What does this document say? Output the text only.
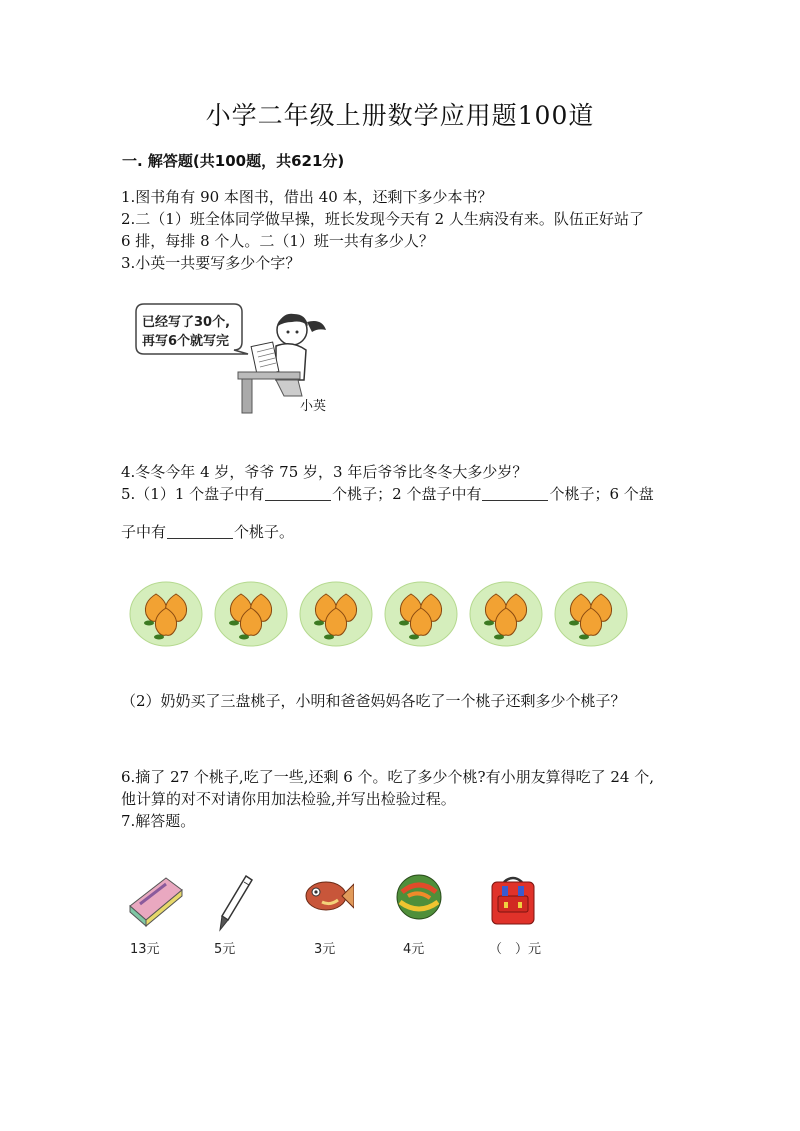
小学二年级上册数学应用题100道
一. 解答题(共100题，共621分)
1.图书角有 90 本图书，借出 40 本，还剩下多少本书？
2.二（1）班全体同学做早操，班长发现今天有 2 人生病没有来。队伍正好站了
6 排，每排 8 个人。二（1）班一共有多少人？
3.小英一共要写多少个字？
已经写了30个,
再写6个就写完
小英
4.冬冬今年 4 岁，爷爷 75 岁，3 年后爷爷比冬冬大多少岁？
5.（1）1 个盘子中有	个桃子；2 个盘子中有	个桃子；6 个盘
子中有	个桃子。
（2）奶奶买了三盘桃子，小明和爸爸妈妈各吃了一个桃子还剩多少个桃子？
6.摘了 27 个桃子,吃了一些,还剩 6 个。吃了多少个桃?有小朋友算得吃了 24 个,
他计算的对不对请你用加法检验,并写出检验过程。
7.解答题。
13元	5元	3元	4元	（　）元
